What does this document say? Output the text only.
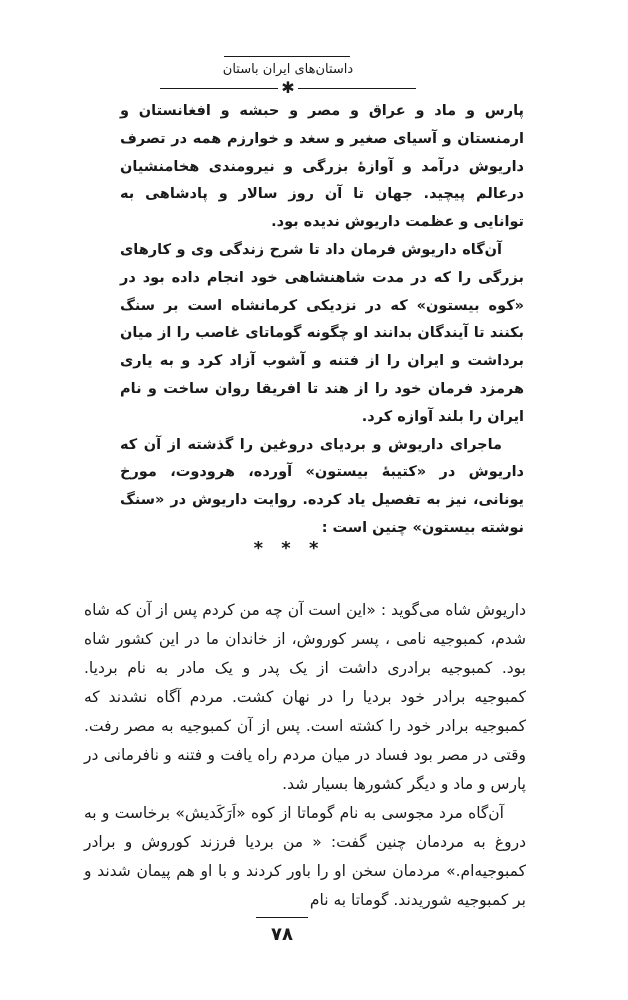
داستان‌های ایران باستان
✱

پارس و ماد و عراق و مصر و حبشه و افغانستان و ارمنستان و آسیای صغیر و سغد و خوارزم همه در تصرف داریوش درآمد و آوازهٔ بزرگی و نیرومندی هخامنشیان درعالم پیچید. جهان تا آن روز سالار و پادشاهی به توانایی و عظمت داریوش ندیده بود.

آن‌گاه داریوش فرمان داد تا شرح زندگی وی و کارهای بزرگی را که در مدت شاهنشاهی خود انجام داده بود در «کوه بیستون» که در نزدیکی کرمانشاه است بر سنگ بکنند تا آیندگان بدانند او چگونه گوماتای غاصب را از میان برداشت و ایران را از فتنه و آشوب آزاد کرد و به یاری هرمزد فرمان خود را از هند تا افریقا روان ساخت و نام ایران را بلند آوازه کرد.

ماجرای داریوش و بردیای دروغین را گذشته از آن که داریوش در «کتیبهٔ بیستون» آورده، هرودوت، مورخ یونانی، نیز به تفصیل یاد کرده. روایت داریوش در «سنگ نوشته بیستون» چنین است :

* * *

داریوش شاه می‌گوید : «این است آن چه من کردم پس از آن که شاه شدم، کمبوجیه نامی ، پسر کوروش، از خاندان ما در این کشور شاه بود. کمبوجیه برادری داشت از یک پدر و یک مادر به نام بردیا. کمبوجیه برادر خود بردیا را در نهان کشت. مردم آگاه نشدند که کمبوجیه برادر خود را کشته است. پس از آن کمبوجیه به مصر رفت. وقتی در مصر بود فساد در میان مردم راه یافت و فتنه و نافرمانی در پارس و ماد و دیگر کشورها بسیار شد.

آن‌گاه مرد مجوسی به نام گوماتا از کوه «اَرَکَدیش» برخاست و به دروغ به مردمان چنین گفت: « من بردیا فرزند کوروش و برادر کمبوجیه‌ام.» مردمان سخن او را باور کردند و با او هم پیمان شدند و بر کمبوجیه شوریدند. گوماتا به نام

۷۸
